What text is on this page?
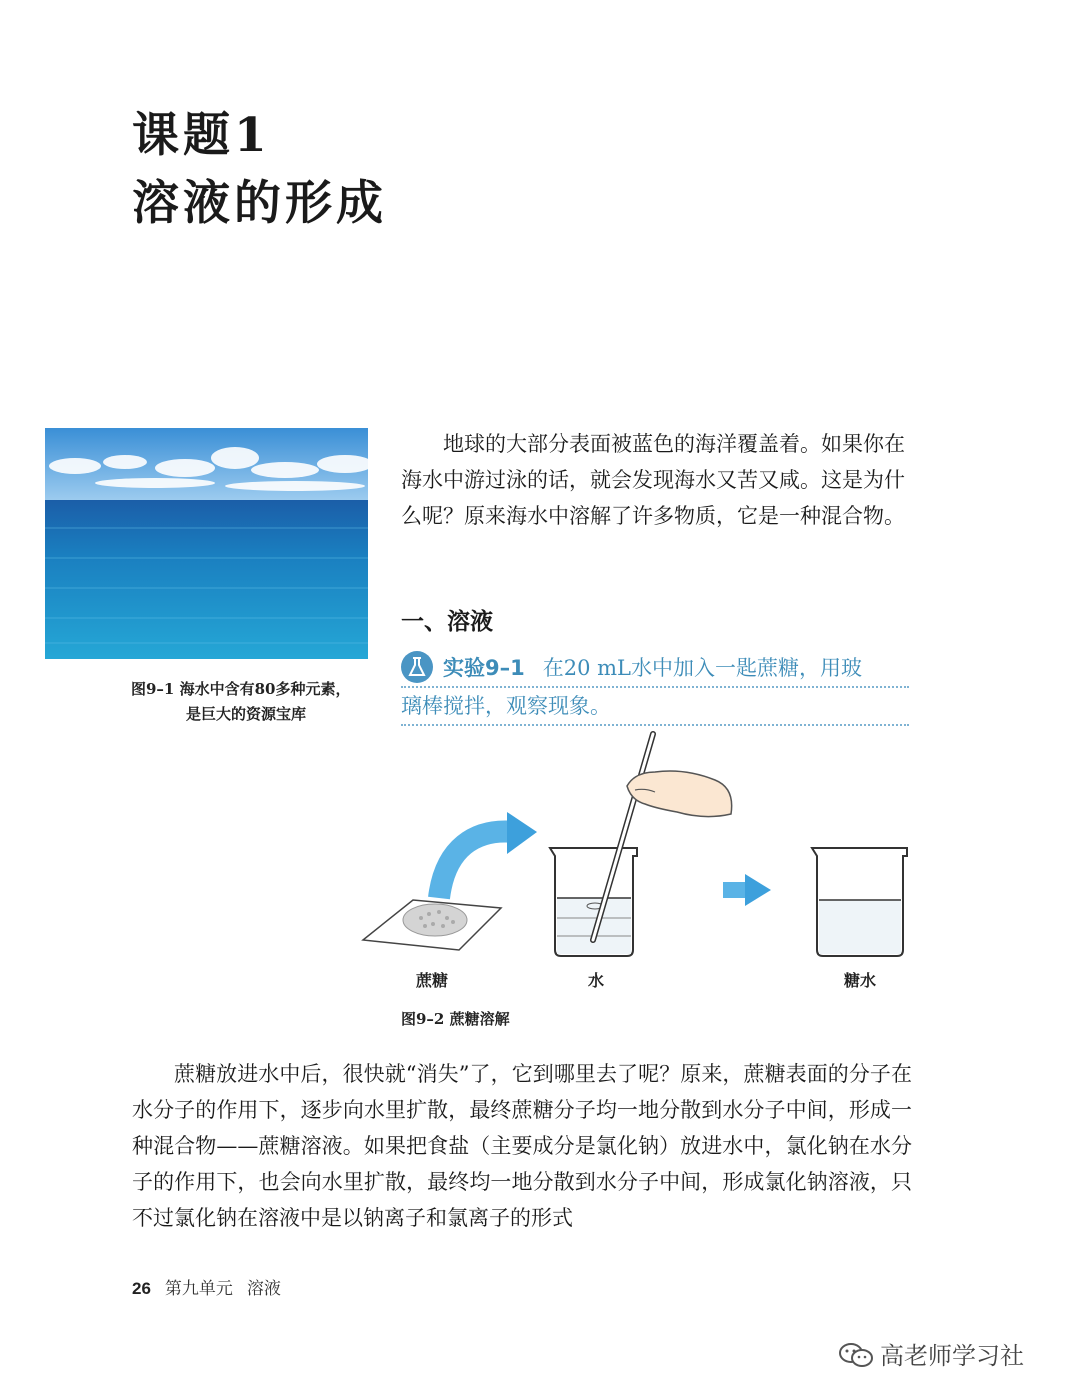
课题1
溶液的形成
图9–1 海水中含有80多种元素，
是巨大的资源宝库

地球的大部分表面被蓝色的海洋覆盖着。如果你在海水中游过泳的话，就会发现海水又苦又咸。这是为什么呢？原来海水中溶解了许多物质，它是一种混合物。

一、溶液
实验9–1 在20 mL水中加入一匙蔗糖，用玻
璃棒搅拌，观察现象。
蔗糖	水	糖水
图9–2 蔗糖溶解

蔗糖放进水中后，很快就“消失”了，它到哪里去了呢？原来，蔗糖表面的分子在水分子的作用下，逐步向水里扩散，最终蔗糖分子均一地分散到水分子中间，形成一种混合物——蔗糖溶液。如果把食盐（主要成分是氯化钠）放进水中，氯化钠在水分子的作用下，也会向水里扩散，最终均一地分散到水分子中间，形成氯化钠溶液，只不过氯化钠在溶液中是以钠离子和氯离子的形式

26 第九单元 溶液
高老师学习社
